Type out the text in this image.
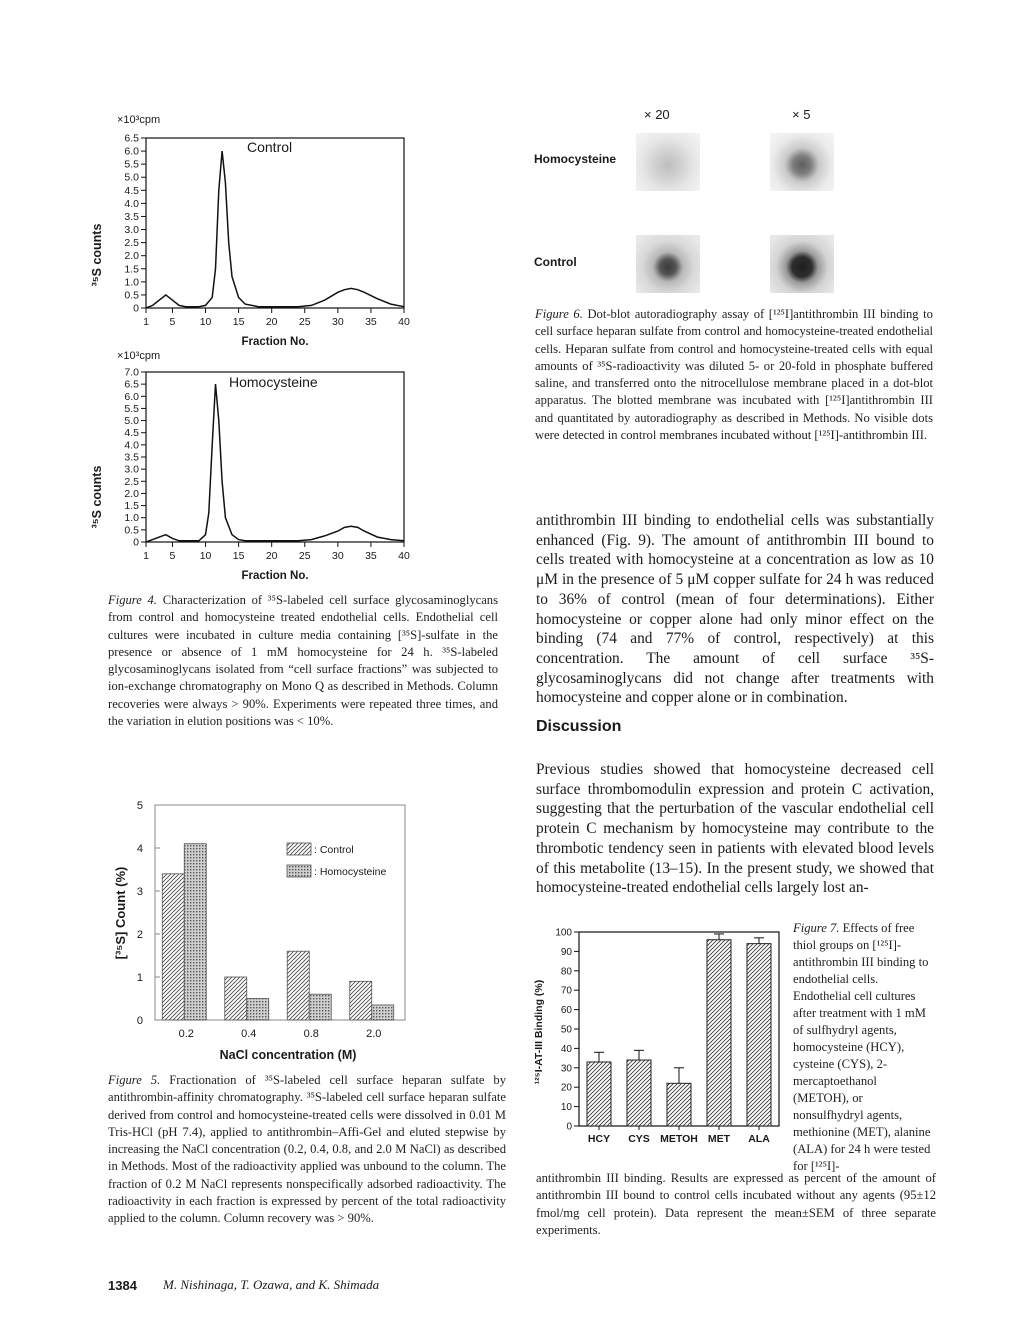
×10³cpm
³⁵S counts
6.5
6.0
5.5
5.0
4.5
4.0
3.5
3.0
2.5
2.0
1.5
1.0
0.5
0
1 5 10 15 20 25 30 35 40
Control
Fraction No.
×10³cpm
³⁵S counts
7.0
6.5
6.0
5.5
5.0
4.5
4.0
3.5
3.0
2.5
2.0
1.5
1.0
0.5
0
1 5 10 15 20 25 30 35 40
Homocysteine
Fraction No.
Figure 4. Characterization of ³⁵S-labeled cell surface glycosaminoglycans from control and homocysteine treated endothelial cells. Endothelial cell cultures were incubated in culture media containing [³⁵S]-sulfate in the presence or absence of 1 mM homocysteine for 24 h. ³⁵S-labeled glycosaminoglycans isolated from “cell surface fractions” was subjected to ion-exchange chromatography on Mono Q as described in Methods. Column recoveries were always > 90%. Experiments were repeated three times, and the variation in elution positions was < 10%.
[³⁵S] Count (%)
5
4
3
2
1
0
0.2	0.4	0.8	2.0
: Control
: Homocysteine
NaCl concentration (M)
Figure 5. Fractionation of ³⁵S-labeled cell surface heparan sulfate by antithrombin-affinity chromatography. ³⁵S-labeled cell surface heparan sulfate derived from control and homocysteine-treated cells were dissolved in 0.01 M Tris-HCl (pH 7.4), applied to antithrombin–Affi-Gel and eluted stepwise by increasing the NaCl concentration (0.2, 0.4, 0.8, and 2.0 M NaCl) as described in Methods. Most of the radioactivity applied was unbound to the column. The fraction of 0.2 M NaCl represents nonspecifically adsorbed radioactivity. The radioactivity in each fraction is expressed by percent of the total radioactivity applied to the column. Column recovery was > 90%.
× 20	× 5
Homocysteine
Control
Figure 6. Dot-blot autoradiography assay of [¹²⁵I]antithrombin III binding to cell surface heparan sulfate from control and homocysteine-treated endothelial cells. Heparan sulfate from control and homocysteine-treated cells with equal amounts of ³⁵S-radioactivity was diluted 5- or 20-fold in phosphate buffered saline, and transferred onto the nitrocellulose membrane placed in a dot-blot apparatus. The blotted membrane was incubated with [¹²⁵I]antithrombin III and quantitated by autoradiography as described in Methods. No visible dots were detected in control membranes incubated without [¹²⁵I]-antithrombin III.
antithrombin III binding to endothelial cells was substantially enhanced (Fig. 9). The amount of antithrombin III bound to cells treated with homocysteine at a concentration as low as 10 μM in the presence of 5 μM copper sulfate for 24 h was reduced to 36% of control (mean of four determinations). Either homocysteine or copper alone had only minor effect on the binding (74 and 77% of control, respectively) at this concentration. The amount of cell surface ³⁵S-glycosaminoglycans did not change after treatments with homocysteine and copper alone or in combination.
Discussion
Previous studies showed that homocysteine decreased cell surface thrombomodulin expression and protein C activation, suggesting that the perturbation of the vascular endothelial cell protein C mechanism by homocysteine may contribute to the thrombotic tendency seen in patients with elevated blood levels of this metabolite (13–15). In the present study, we showed that homocysteine-treated endothelial cells largely lost an-
¹²⁵I-AT-III Binding (%)
100
90
80
70
60
50
40
30
20
10
0
HCY CYS METOH MET ALA
Figure 7. Effects of free thiol groups on [¹²⁵I]-antithrombin III binding to endothelial cells. Endothelial cell cultures after treatment with 1 mM of sulfhydryl agents, homocysteine (HCY), cysteine (CYS), 2-mercaptoethanol (METOH), or nonsulfhydryl agents, methionine (MET), alanine (ALA) for 24 h were tested for [¹²⁵I]-
antithrombin III binding. Results are expressed as percent of the amount of antithrombin III bound to control cells incubated without any agents (95±12 fmol/mg cell protein). Data represent the mean±SEM of three separate experiments.
1384 M. Nishinaga, T. Ozawa, and K. Shimada
